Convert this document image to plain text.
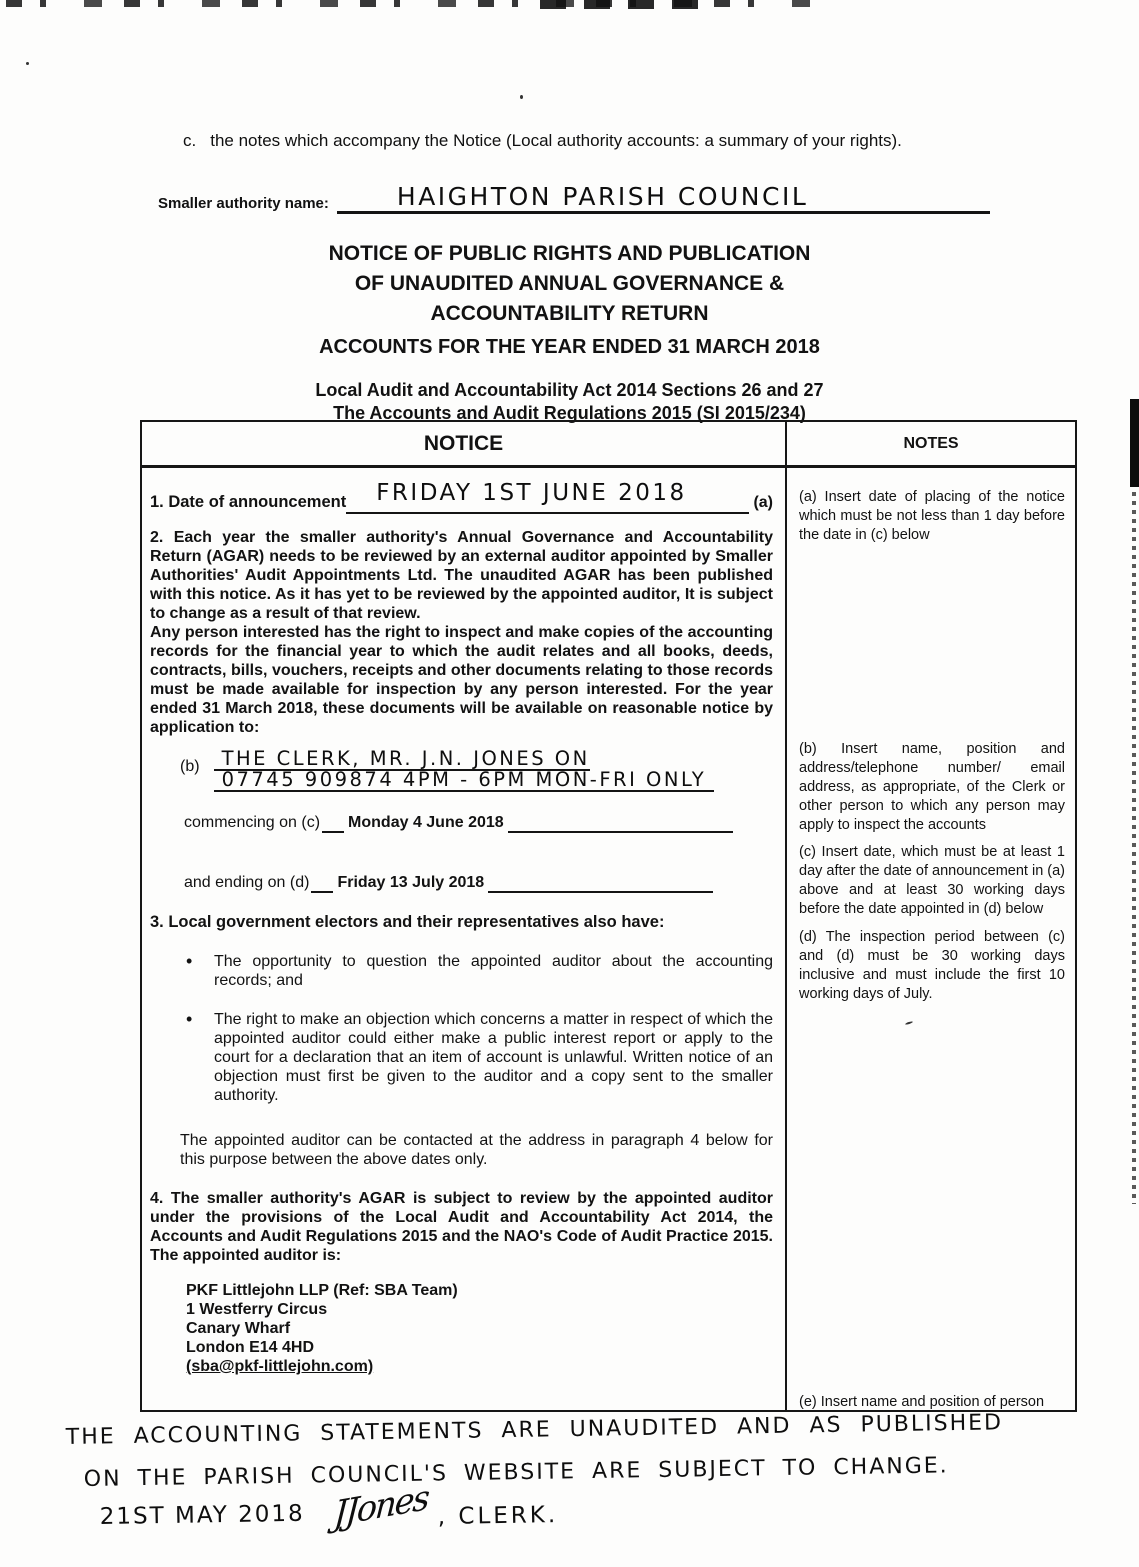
c. the notes which accompany the Notice (Local authority accounts: a summary of your rights).
Smaller authority name:	HAIGHTON PARISH COUNCIL
NOTICE OF PUBLIC RIGHTS AND PUBLICATION
OF UNAUDITED ANNUAL GOVERNANCE &
ACCOUNTABILITY RETURN
ACCOUNTS FOR THE YEAR ENDED 31 MARCH 2018
Local Audit and Accountability Act 2014 Sections 26 and 27
The Accounts and Audit Regulations 2015 (SI 2015/234)
NOTICE	NOTES
1. Date of announcement	FRIDAY 1ST JUNE 2018	(a)

2. Each year the smaller authority's Annual Governance and Accountability Return (AGAR) needs to be reviewed by an external auditor appointed by Smaller Authorities' Audit Appointments Ltd. The unaudited AGAR has been published with this notice. As it has yet to be reviewed by the appointed auditor, It is subject to change as a result of that review.

Any person interested has the right to inspect and make copies of the accounting records for the financial year to which the audit relates and all books, deeds, contracts, bills, vouchers, receipts and other documents relating to those records must be made available for inspection by any person interested. For the year ended 31 March 2018, these documents will be available on reasonable notice by application to:

(b)	THE CLERK, MR. J.N. JONES ON 07745 909874 4PM - 6PM MON-FRI ONLY
commencing on (c) Monday 4 June 2018
and ending on (d) Friday 13 July 2018
3. Local government electors and their representatives also have:
•
The opportunity to question the appointed auditor about the accounting records; and
•
The right to make an objection which concerns a matter in respect of which the appointed auditor could either make a public interest report or apply to the court for a declaration that an item of account is unlawful. Written notice of an objection must first be given to the auditor and a copy sent to the smaller authority.

The appointed auditor can be contacted at the address in paragraph 4 below for this purpose between the above dates only.

4. The smaller authority's AGAR is subject to review by the appointed auditor under the provisions of the Local Audit and Accountability Act 2014, the Accounts and Audit Regulations 2015 and the NAO's Code of Audit Practice 2015. The appointed auditor is:

PKF Littlejohn LLP (Ref: SBA Team)
1 Westferry Circus
Canary Wharf
London E14 4HD
(sba@pkf-littlejohn.com)
(a) Insert date of placing of the notice which must be not less than 1 day before the date in (c) below
(b) Insert name, position and address/telephone number/ email address, as appropriate, of the Clerk or other person to which any person may apply to inspect the accounts
(c) Insert date, which must be at least 1 day after the date of announcement in (a) above and at least 30 working days before the date appointed in (d) below
(d) The inspection period between (c) and (d) must be 30 working days inclusive and must include the first 10 working days of July.
(e) Insert name and position of person
THE ACCOUNTING STATEMENTS ARE UNAUDITED AND AS PUBLISHED
ON THE PARISH COUNCIL'S WEBSITE ARE SUBJECT TO CHANGE.
21ST MAY 2018 JJones , CLERK.
